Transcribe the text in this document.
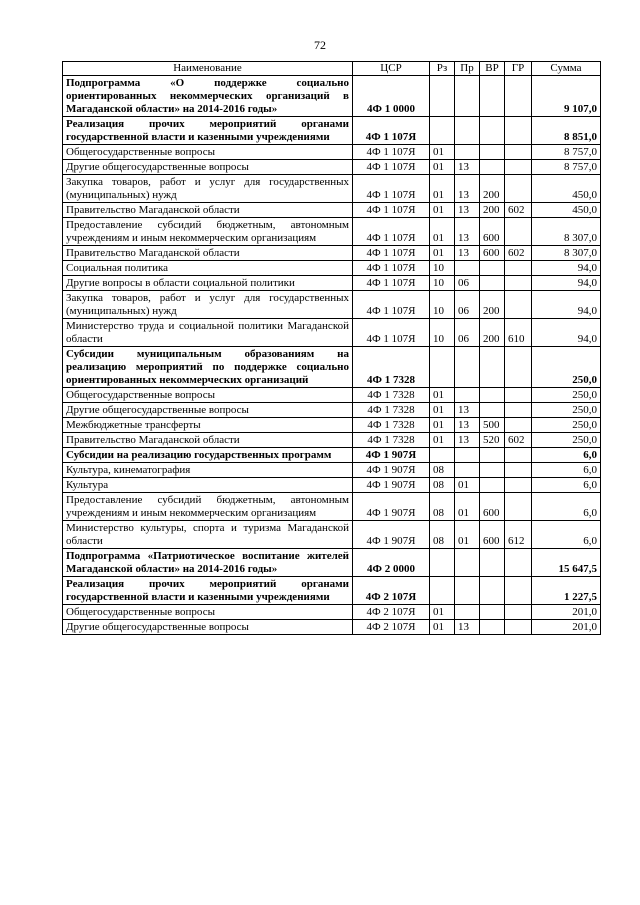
72
Наименование	ЦСР	Рз	Пр	ВР	ГР	Сумма
Подпрограмма «О поддержке социально ориентированных некоммерческих организаций в Магаданской области» на 2014-2016 годы»	4Ф 1 0000					9 107,0
Реализация прочих мероприятий органами государственной власти и казенными учреждениями	4Ф 1 107Я					8 851,0
Общегосударственные вопросы	4Ф 1 107Я	01				8 757,0
Другие общегосударственные вопросы	4Ф 1 107Я	01	13			8 757,0
Закупка товаров, работ и услуг для государственных (муниципальных) нужд	4Ф 1 107Я	01	13	200		450,0
Правительство Магаданской области	4Ф 1 107Я	01	13	200	602	450,0
Предоставление субсидий бюджетным, автономным учреждениям и иным некоммерческим организациям	4Ф 1 107Я	01	13	600		8 307,0
Правительство Магаданской области	4Ф 1 107Я	01	13	600	602	8 307,0
Социальная политика	4Ф 1 107Я	10				94,0
Другие вопросы в области социальной политики	4Ф 1 107Я	10	06			94,0
Закупка товаров, работ и услуг для государственных (муниципальных) нужд	4Ф 1 107Я	10	06	200		94,0
Министерство труда и социальной политики Магаданской области	4Ф 1 107Я	10	06	200	610	94,0
Субсидии муниципальным образованиям на реализацию мероприятий по поддержке социально ориентированных некоммерческих организаций	4Ф 1 7328					250,0
Общегосударственные вопросы	4Ф 1 7328	01				250,0
Другие общегосударственные вопросы	4Ф 1 7328	01	13			250,0
Межбюджетные трансферты	4Ф 1 7328	01	13	500		250,0
Правительство Магаданской области	4Ф 1 7328	01	13	520	602	250,0
Субсидии на реализацию государственных программ	4Ф 1 907Я					6,0
Культура, кинематография	4Ф 1 907Я	08				6,0
Культура	4Ф 1 907Я	08	01			6,0
Предоставление субсидий бюджетным, автономным учреждениям и иным некоммерческим организациям	4Ф 1 907Я	08	01	600		6,0
Министерство культуры, спорта и туризма Магаданской области	4Ф 1 907Я	08	01	600	612	6,0
Подпрограмма «Патриотическое воспитание жителей Магаданской области» на 2014-2016 годы»	4Ф 2 0000					15 647,5
Реализация прочих мероприятий органами государственной власти и казенными учреждениями	4Ф 2 107Я					1 227,5
Общегосударственные вопросы	4Ф 2 107Я	01				201,0
Другие общегосударственные вопросы	4Ф 2 107Я	01	13			201,0
